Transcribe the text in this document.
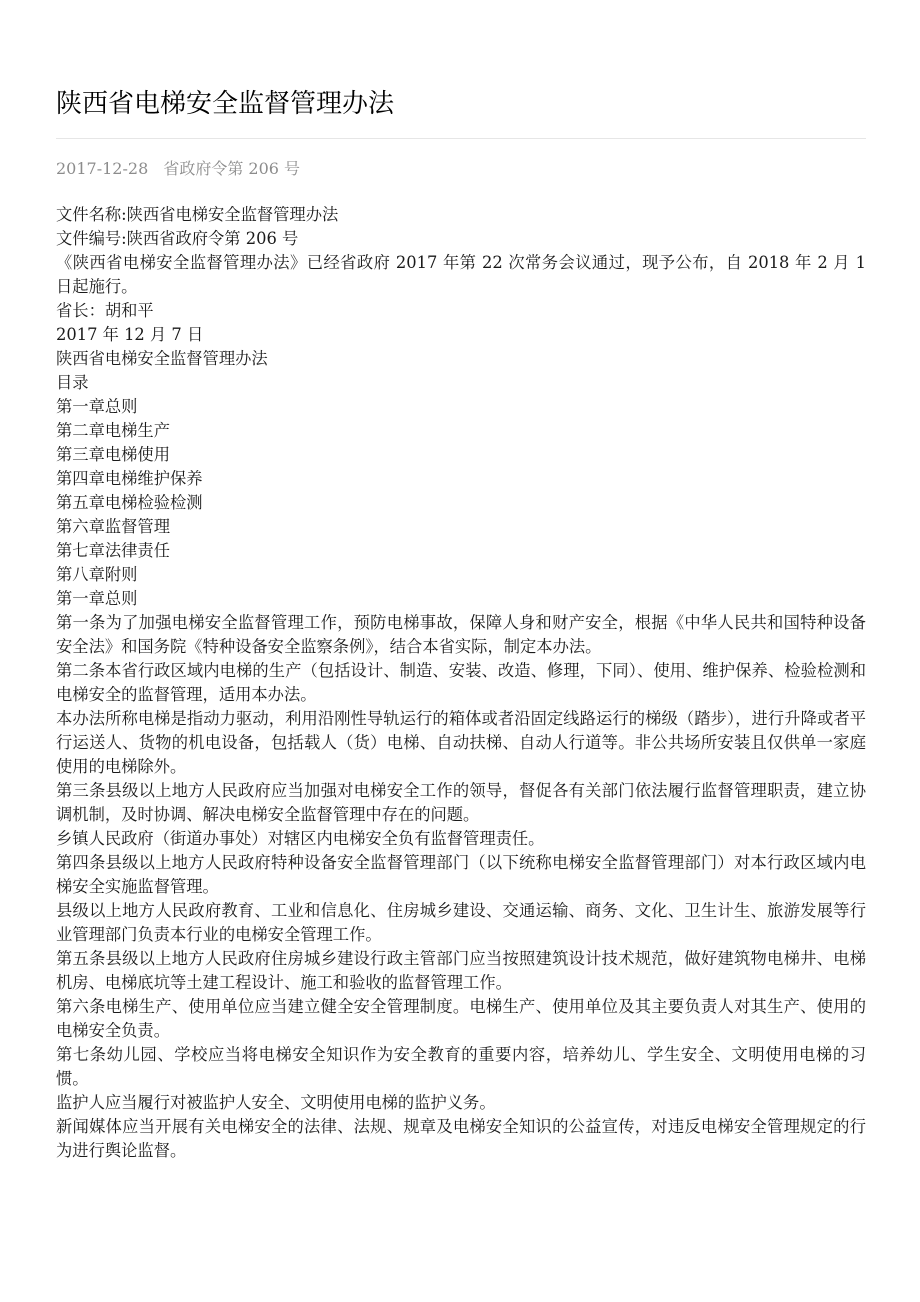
陕西省电梯安全监督管理办法
2017-12-28 省政府令第 206 号

文件名称:陕西省电梯安全监督管理办法

文件编号:陕西省政府令第 206 号

《陕西省电梯安全监督管理办法》已经省政府 2017 年第 22 次常务会议通过，现予公布，自 2018 年 2 月 1 日起施行。

省长：胡和平

2017 年 12 月 7 日

陕西省电梯安全监督管理办法

目录

第一章总则

第二章电梯生产

第三章电梯使用

第四章电梯维护保养

第五章电梯检验检测

第六章监督管理

第七章法律责任

第八章附则

第一章总则

第一条为了加强电梯安全监督管理工作，预防电梯事故，保障人身和财产安全，根据《中华人民共和国特种设备安全法》和国务院《特种设备安全监察条例》，结合本省实际，制定本办法。

第二条本省行政区域内电梯的生产（包括设计、制造、安装、改造、修理，下同）、使用、维护保养、检验检测和电梯安全的监督管理，适用本办法。

本办法所称电梯是指动力驱动，利用沿刚性导轨运行的箱体或者沿固定线路运行的梯级（踏步），进行升降或者平行运送人、货物的机电设备，包括载人（货）电梯、自动扶梯、自动人行道等。非公共场所安装且仅供单一家庭使用的电梯除外。

第三条县级以上地方人民政府应当加强对电梯安全工作的领导，督促各有关部门依法履行监督管理职责，建立协调机制，及时协调、解决电梯安全监督管理中存在的问题。

乡镇人民政府（街道办事处）对辖区内电梯安全负有监督管理责任。

第四条县级以上地方人民政府特种设备安全监督管理部门（以下统称电梯安全监督管理部门）对本行政区域内电梯安全实施监督管理。

县级以上地方人民政府教育、工业和信息化、住房城乡建设、交通运输、商务、文化、卫生计生、旅游发展等行业管理部门负责本行业的电梯安全管理工作。

第五条县级以上地方人民政府住房城乡建设行政主管部门应当按照建筑设计技术规范，做好建筑物电梯井、电梯机房、电梯底坑等土建工程设计、施工和验收的监督管理工作。

第六条电梯生产、使用单位应当建立健全安全管理制度。电梯生产、使用单位及其主要负责人对其生产、使用的电梯安全负责。

第七条幼儿园、学校应当将电梯安全知识作为安全教育的重要内容，培养幼儿、学生安全、文明使用电梯的习惯。

监护人应当履行对被监护人安全、文明使用电梯的监护义务。

新闻媒体应当开展有关电梯安全的法律、法规、规章及电梯安全知识的公益宣传，对违反电梯安全管理规定的行为进行舆论监督。
